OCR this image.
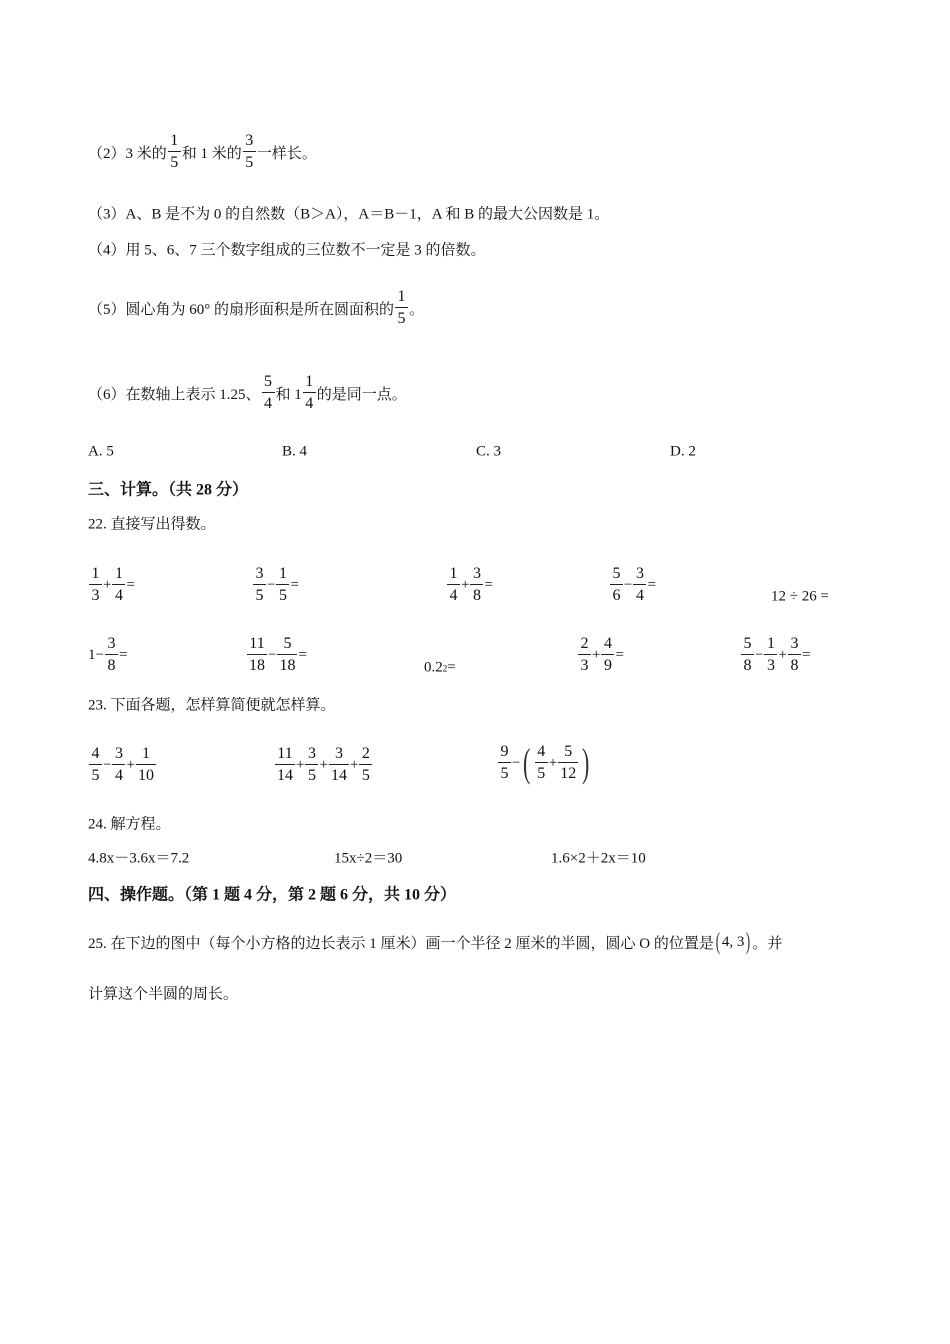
（2）3 米的 $\frac{1}{5}$ 和 1 米的 $\frac{3}{5}$ 一样长。
（3）A、B 是不为 0 的自然数（B＞A），A＝B－1，A 和 B 的最大公因数是 1。
（4）用 5、6、7 三个数字组成的三位数不一定是 3 的倍数。
（5）圆心角为 60° 的扇形面积是所在圆面积的 $\frac{1}{5}$ 。
（6）在数轴上表示 1.25、 $\frac{5}{4}$ 和 $1 \frac{1}{4}$ 的是同一点。
A. 5	B. 4	C. 3	D. 2
三、计算。（共 28 分）
22. 直接写出得数。
$\frac{1}{3} + \frac{1}{4}$ =	$\frac{3}{5} - \frac{1}{5}$ =	$\frac{1}{4} + \frac{3}{8}$ =	$\frac{5}{6} - \frac{3}{4}$ =
12 ÷ 26 =
$1- \frac{3}{8}$ =	$\frac{11}{18} - \frac{5}{18}$ =
0.2 2 =	$\frac{2}{3} + \frac{4}{9}$ =	$\frac{5}{8} - \frac{1}{3} + \frac{3}{8}$ =
23. 下面各题，怎样算简便就怎样算。
$\frac{4}{5} - \frac{3}{4} + \frac{1}{10}$	$\frac{11}{14} + \frac{3}{5} + \frac{3}{14} + \frac{2}{5}$	$\frac{9}{5}$ − ( $\frac{4}{5} + \frac{5}{12}$ )
24. 解方程。
4.8x－3.6x＝7.2	15x÷2＝30	1.6×2＋2x＝10
四、操作题。（第 1 题 4 分，第 2 题 6 分，共 10 分）
25. 在下边的图中（每个小方格的边长表示 1 厘米）画一个半径 2 厘米的半圆，圆心 O 的位置是 ( 4, 3 ) 。并
计算这个半圆的周长。
